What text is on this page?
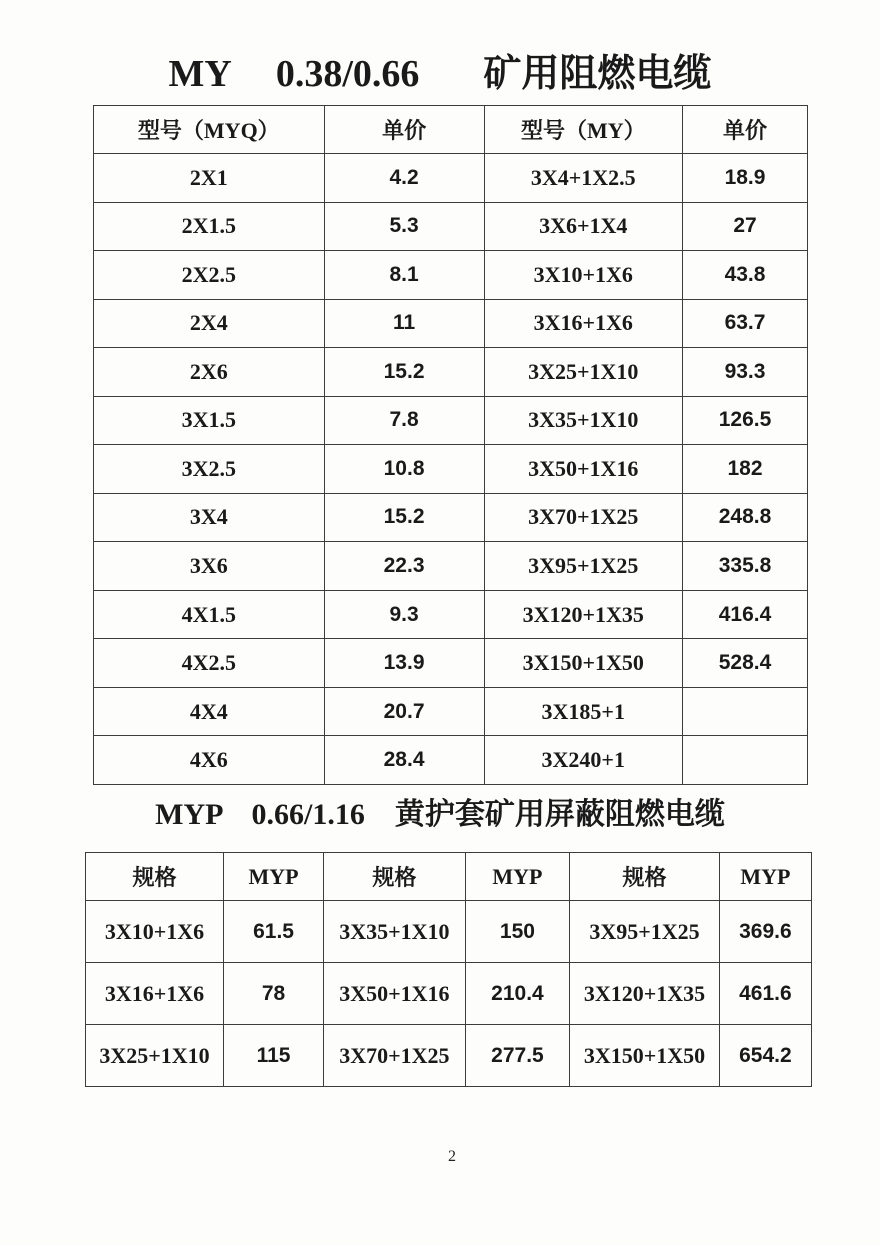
MY 0.38/0.66 矿用阻燃电缆
型号（MYQ）	单价	型号（MY）	单价
2X1	4.2	3X4+1X2.5	18.9
2X1.5	5.3	3X6+1X4	27
2X2.5	8.1	3X10+1X6	43.8
2X4	11	3X16+1X6	63.7
2X6	15.2	3X25+1X10	93.3
3X1.5	7.8	3X35+1X10	126.5
3X2.5	10.8	3X50+1X16	182
3X4	15.2	3X70+1X25	248.8
3X6	22.3	3X95+1X25	335.8
4X1.5	9.3	3X120+1X35	416.4
4X2.5	13.9	3X150+1X50	528.4
4X4	20.7	3X185+1	
4X6	28.4	3X240+1	
MYP 0.66/1.16 黄护套矿用屏蔽阻燃电缆
规格	MYP	规格	MYP	规格	MYP
3X10+1X6	61.5	3X35+1X10	150	3X95+1X25	369.6
3X16+1X6	78	3X50+1X16	210.4	3X120+1X35	461.6
3X25+1X10	115	3X70+1X25	277.5	3X150+1X50	654.2
2
